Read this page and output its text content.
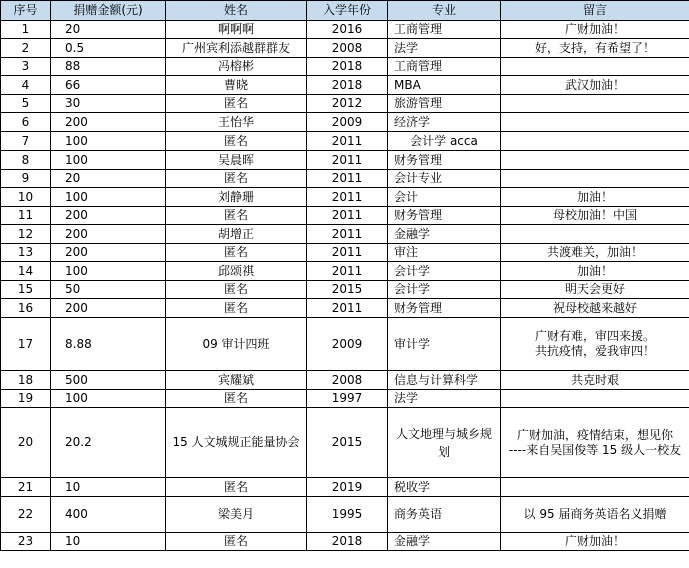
序号	捐赠金额(元)	姓名	入学年份	专业	留言
1	20	啊啊啊	2016	工商管理	广财加油！

2	0.5	广州宾利添越群群友	2008	法学	好，支持，有希望了！

3	88	冯榕彬	2018	工商管理	
4	66	曹晓	2018	MBA	武汉加油！

5	30	匿名	2012	旅游管理	
6	200	王怡华	2009	经济学	
7	100	匿名	2011	会计学 acca	
8	100	吴晨晖	2011	财务管理	
9	20	匿名	2011	会计专业	
10	100	刘静珊	2011	会计	加油！

11	200	匿名	2011	财务管理	母校加油！中国

12	200	胡增正	2011	金融学	
13	200	匿名	2011	审注	共渡难关，加油！

14	100	邱颂祺	2011	会计学	加油！

15	50	匿名	2015	会计学	明天会更好

16	200	匿名	2011	财务管理	祝母校越来越好

17	8.88	09 审计四班	2009	审计学	广财有难，审四来援。
共抗疫情，爱我审四！

18	500	宾耀斌	2008	信息与计算科学	共克时艰

19	100	匿名	1997	法学	
20	20.2	15 人文城规正能量协会	2015	人文地理与城乡规划	广财加油，疫情结束，想见你
----来自吴国俊等 15 级人一校友

21	10	匿名	2019	税收学	
22	400	梁美月	1995	商务英语	以 95 届商务英语名义捐赠

23	10	匿名	2018	金融学	广财加油！
